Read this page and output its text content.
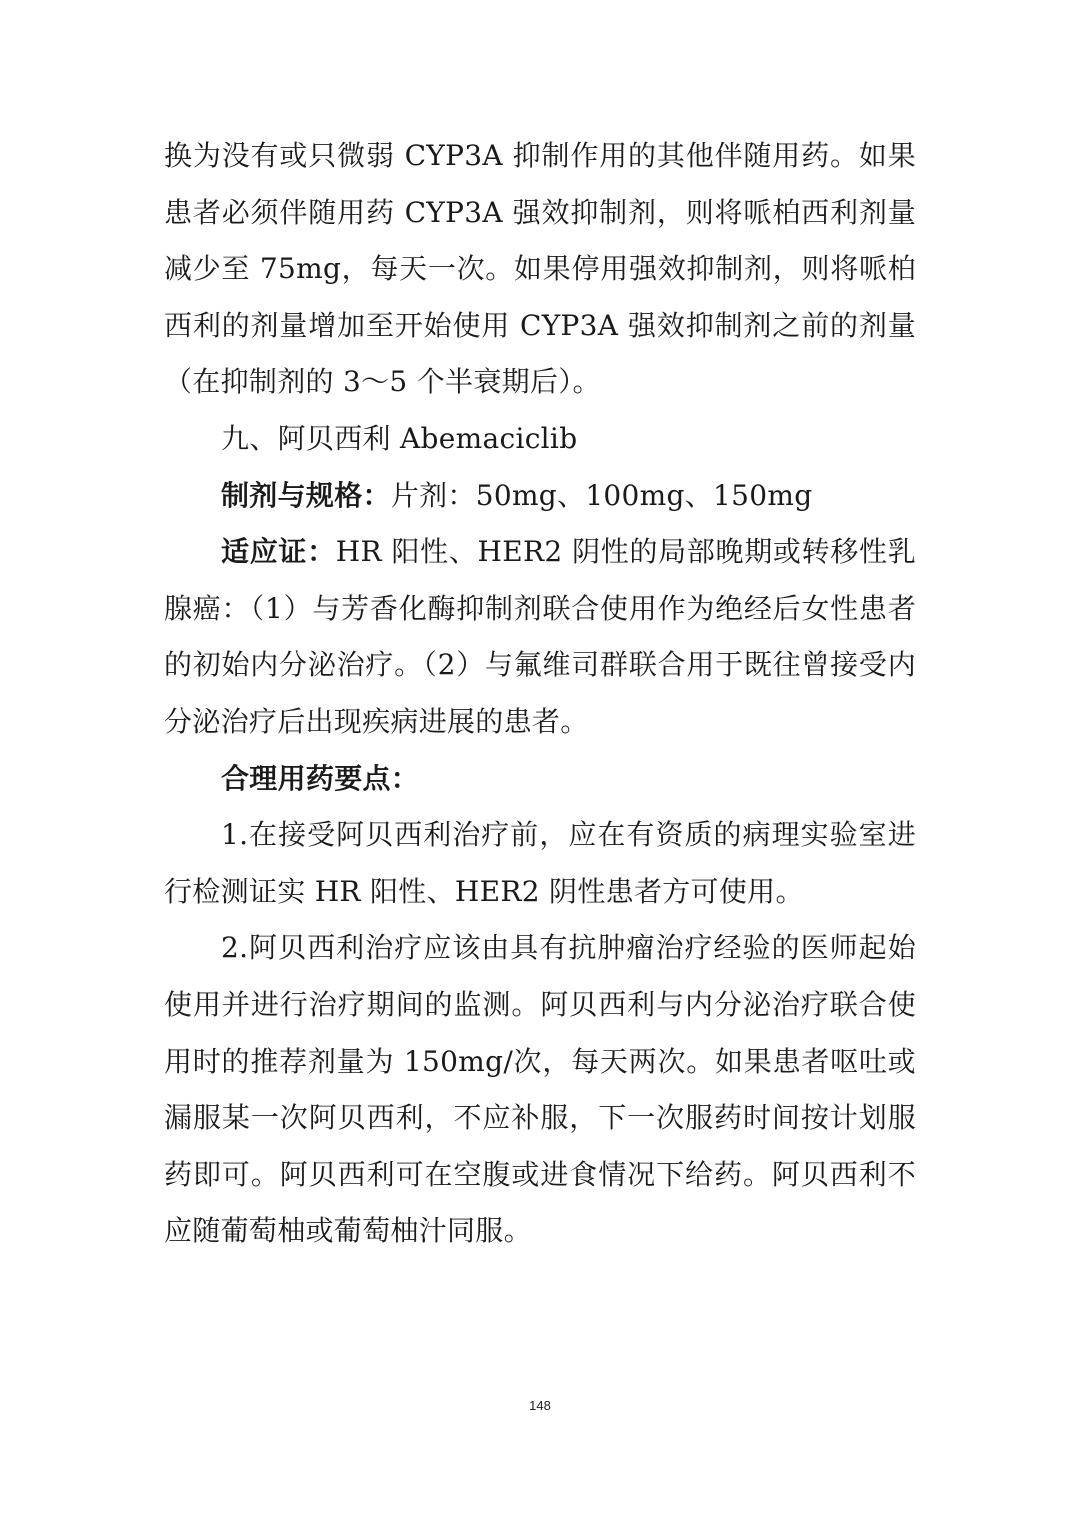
换为没有或只微弱 CYP3A 抑制作用的其他伴随用药。如果患者必须伴随用药 CYP3A 强效抑制剂，则将哌柏西利剂量减少至 75mg，每天一次。如果停用强效抑制剂，则将哌柏西利的剂量增加至开始使用 CYP3A 强效抑制剂之前的剂量（在抑制剂的 3～5 个半衰期后）。

九、阿贝西利 Abemaciclib

制剂与规格：片剂：50mg、100mg、150mg

适应证：HR 阳性、HER2 阴性的局部晚期或转移性乳腺癌：（1）与芳香化酶抑制剂联合使用作为绝经后女性患者的初始内分泌治疗。（2）与氟维司群联合用于既往曾接受内分泌治疗后出现疾病进展的患者。

合理用药要点：

1.在接受阿贝西利治疗前，应在有资质的病理实验室进行检测证实 HR 阳性、HER2 阴性患者方可使用。

2.阿贝西利治疗应该由具有抗肿瘤治疗经验的医师起始使用并进行治疗期间的监测。阿贝西利与内分泌治疗联合使用时的推荐剂量为 150mg/次，每天两次。如果患者呕吐或漏服某一次阿贝西利，不应补服，下一次服药时间按计划服药即可。阿贝西利可在空腹或进食情况下给药。阿贝西利不应随葡萄柚或葡萄柚汁同服。

148
